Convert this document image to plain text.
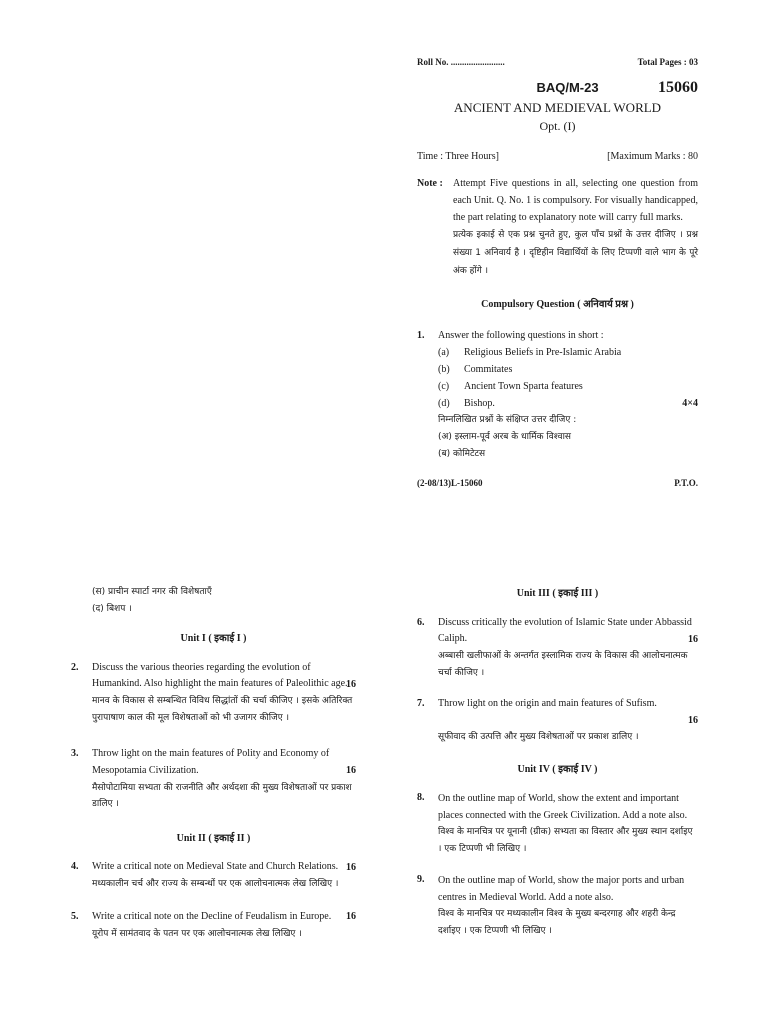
Roll No. ........................	Total Pages : 03
BAQ/M-23	15060
ANCIENT AND MEDIEVAL WORLD
Opt. (I)
Time : Three Hours]	[Maximum Marks : 80
Note :	Attempt Five questions in all, selecting one question from each Unit. Q. No. 1 is compulsory. For visually handicapped, the part relating to explanatory note will carry full marks.
प्रत्येक इकाई से एक प्रश्न चुनते हुए, कुल पाँच प्रश्नों के उत्तर दीजिए । प्रश्न संख्या 1 अनिवार्य है । दृष्टिहीन विद्यार्थियों के लिए टिप्पणी वाले भाग के पूरे अंक होंगे ।
Compulsory Question ( अनिवार्य प्रश्न )
1.	Answer the following questions in short :
(a)	Religious Beliefs in Pre-Islamic Arabia
(b)	Commitates
(c)	Ancient Town Sparta features
(d) Bishop.	4×4
निम्नलिखित प्रश्नों के संक्षिप्त उत्तर दीजिए :
(अ) इस्लाम-पूर्व अरब के धार्मिक विश्वास
(ब) कोमिटेटस
(2-08/13)L-15060	P.T.O.
(स) प्राचीन स्पार्टा नगर की विशेषताएँ
(द) बिशप ।
Unit I ( इकाई I )
2.	Discuss the various theories regarding the evolution of Humankind. Also highlight the main features of Paleolithic age.
16
मानव के विकास से सम्बन्धित विविध सिद्धांतों की चर्चा कीजिए । इसके अतिरिक्त पुरापाषाण काल की मूल विशेषताओं को भी उजागर कीजिए ।
3.	Throw light on the main features of Polity and Economy of Mesopotamia Civilization.	16
मैसोपोटामिया सभ्यता की राजनीति और अर्थदशा की मुख्य विशेषताओं पर प्रकाश डालिए ।
Unit II ( इकाई II )
4.	Write a critical note on Medieval State and Church Relations. 16
मध्यकालीन चर्च और राज्य के सम्बन्धों पर एक आलोचनात्मक लेख लिखिए ।
5.	Write a critical note on the Decline of Feudalism in Europe.	16
यूरोप में सामंतवाद के पतन पर एक आलोचनात्मक लेख लिखिए ।
Unit III ( इकाई III )
6.	Discuss critically the evolution of Islamic State under Abbassid Caliph.	16
अब्बासी खलीफाओं के अन्तर्गत इस्लामिक राज्य के विकास की आलोचनात्मक चर्चा कीजिए ।
7.	Throw light on the origin and main features of Sufism.
16
सूफीवाद की उत्पत्ति और मुख्य विशेषताओं पर प्रकाश डालिए ।
Unit IV ( इकाई IV )
8.	On the outline map of World, show the extent and important places connected with the Greek Civilization. Add a note also.
विश्व के मानचित्र पर यूनानी (ग्रीक) सभ्यता का विस्तार और मुख्य स्थान दर्शाइए । एक टिप्पणी भी लिखिए ।
9.	On the outline map of World, show the major ports and urban centres in Medieval World. Add a note also.
विश्व के मानचित्र पर मध्यकालीन विश्व के मुख्य बन्दरगाह और शहरी केन्द्र दर्शाइए । एक टिप्पणी भी लिखिए ।
